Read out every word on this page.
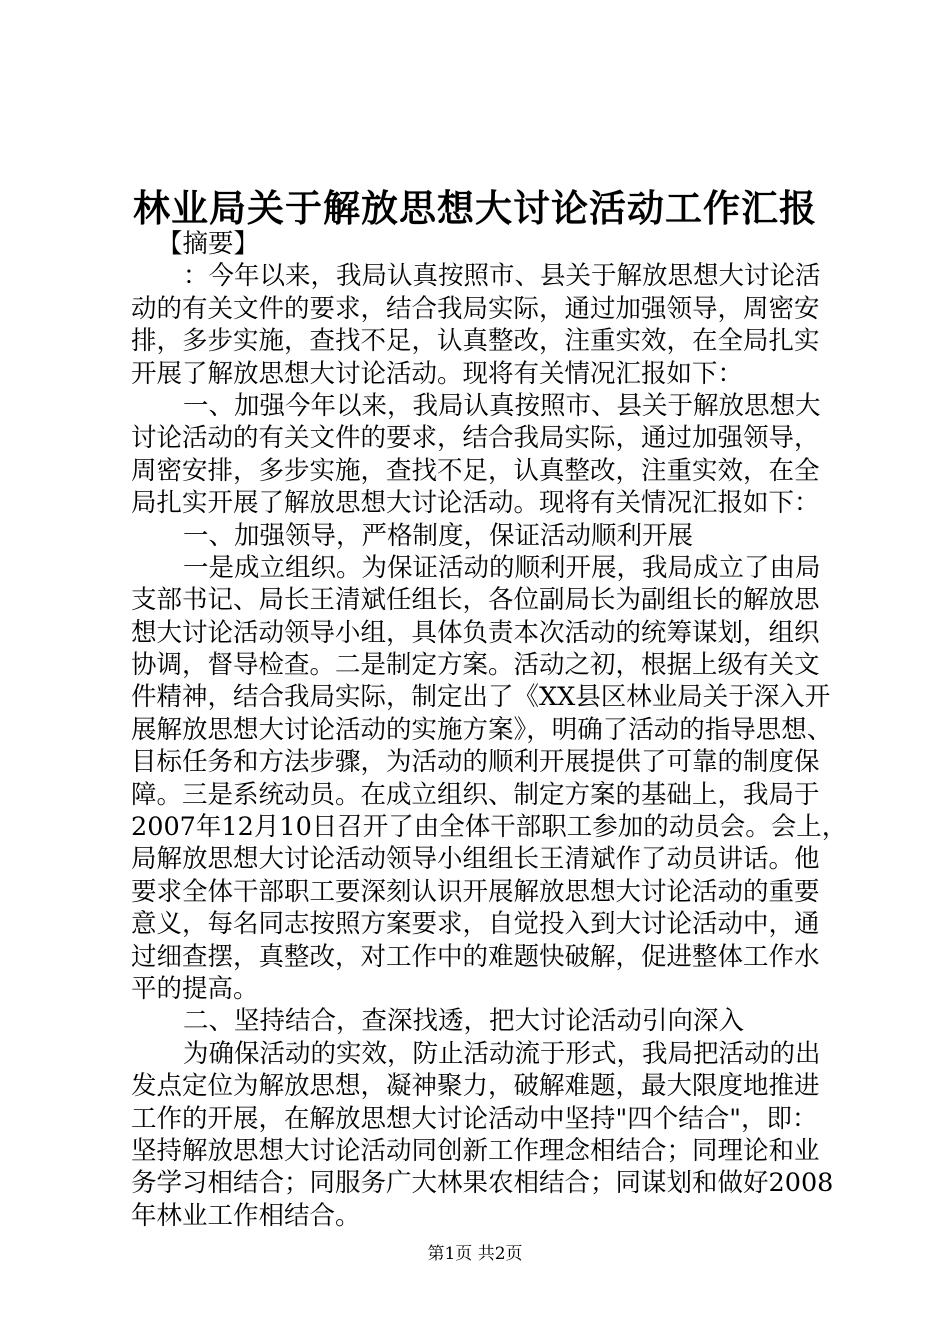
林业局关于解放思想大讨论活动工作汇报
【摘要】
：今年以来，我局认真按照市、县关于解放思想大讨论活
动的有关文件的要求，结合我局实际，通过加强领导，周密安
排，多步实施，查找不足，认真整改，注重实效，在全局扎实
开展了解放思想大讨论活动。现将有关情况汇报如下：
一、加强今年以来，我局认真按照市、县关于解放思想大
讨论活动的有关文件的要求，结合我局实际，通过加强领导，
周密安排，多步实施，查找不足，认真整改，注重实效，在全
局扎实开展了解放思想大讨论活动。现将有关情况汇报如下：
一、加强领导，严格制度，保证活动顺利开展
一是成立组织。为保证活动的顺利开展，我局成立了由局
支部书记、局长王清斌任组长，各位副局长为副组长的解放思
想大讨论活动领导小组，具体负责本次活动的统筹谋划，组织
协调，督导检查。二是制定方案。活动之初，根据上级有关文
件精神，结合我局实际，制定出了《XX县区林业局关于深入开
展解放思想大讨论活动的实施方案》，明确了活动的指导思想、
目标任务和方法步骤，为活动的顺利开展提供了可靠的制度保
障。三是系统动员。在成立组织、制定方案的基础上，我局于
2007年12月10日召开了由全体干部职工参加的动员会。会上，
局解放思想大讨论活动领导小组组长王清斌作了动员讲话。他
要求全体干部职工要深刻认识开展解放思想大讨论活动的重要
意义，每名同志按照方案要求，自觉投入到大讨论活动中，通
过细查摆，真整改，对工作中的难题快破解，促进整体工作水
平的提高。
二、坚持结合，查深找透，把大讨论活动引向深入
为确保活动的实效，防止活动流于形式，我局把活动的出
发点定位为解放思想，凝神聚力，破解难题，最大限度地推进
工作的开展，在解放思想大讨论活动中坚持"四个结合"，即：
坚持解放思想大讨论活动同创新工作理念相结合；同理论和业
务学习相结合；同服务广大林果农相结合；同谋划和做好2008
年林业工作相结合。
第1页 共2页
